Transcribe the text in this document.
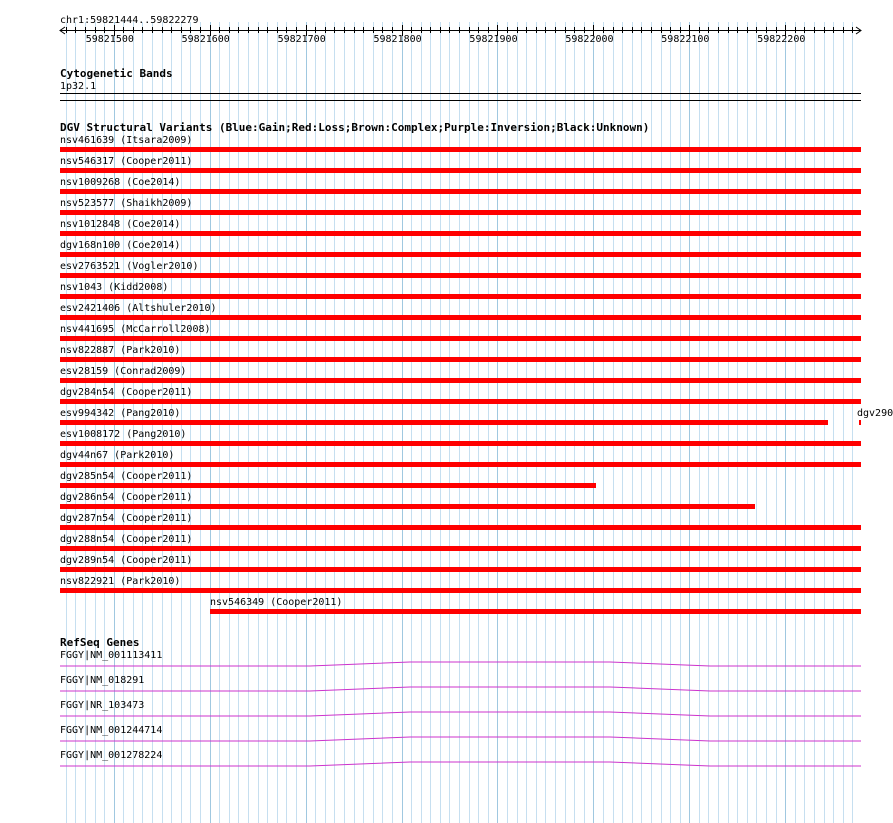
chr1:59821444..59822279
59821500	59821600	59821700	59821800	59821900	59822000	59822100	59822200
Cytogenetic Bands
1p32.1
DGV Structural Variants (Blue:Gain;Red:Loss;Brown:Complex;Purple:Inversion;Black:Unknown)
nsv461639 (Itsara2009)
nsv546317 (Cooper2011)
nsv1009268 (Coe2014)
nsv523577 (Shaikh2009)
nsv1012848 (Coe2014)
dgv168n100 (Coe2014)
esv2763521 (Vogler2010)
nsv1043 (Kidd2008)
esv2421406 (Altshuler2010)
nsv441695 (McCarroll2008)
nsv822887 (Park2010)
esv28159 (Conrad2009)
dgv284n54 (Cooper2011)
esv994342 (Pang2010)
esv1008172 (Pang2010)
dgv44n67 (Park2010)
dgv285n54 (Cooper2011)
dgv286n54 (Cooper2011)
dgv287n54 (Cooper2011)
dgv288n54 (Cooper2011)
dgv289n54 (Cooper2011)
nsv822921 (Park2010)
dgv290
nsv546349 (Cooper2011)
RefSeq Genes
FGGY|NM_001113411
FGGY|NM_018291
FGGY|NR_103473
FGGY|NM_001244714
FGGY|NM_001278224
